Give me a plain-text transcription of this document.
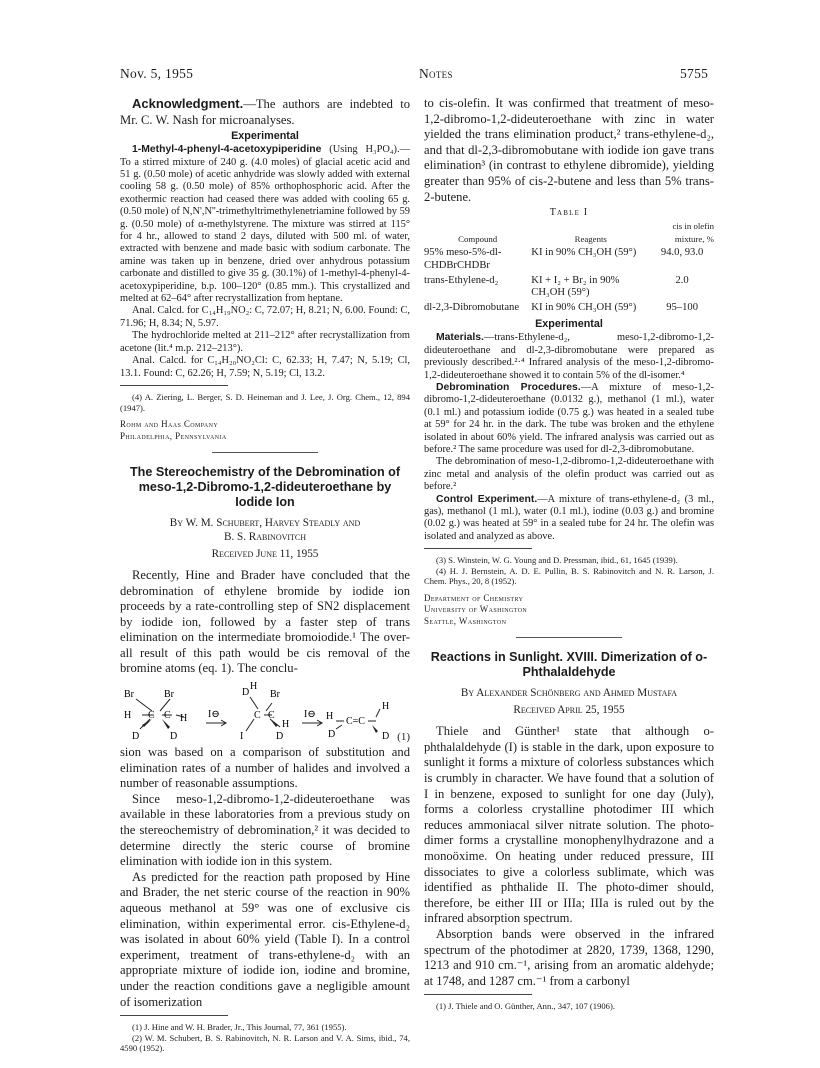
Nov. 5, 1955	Notes	5755

Acknowledgment.—The authors are indebted to Mr. C. W. Nash for microanalyses.

Experimental

1-Methyl-4-phenyl-4-acetoxypiperidine (Using H₃PO₄).— To a stirred mixture of 240 g. (4.0 moles) of glacial acetic acid and 51 g. (0.50 mole) of acetic anhydride was slowly added with external cooling 58 g. (0.50 mole) of 85% orthophosphoric acid. After the exothermic reaction had ceased there was added with cooling 65 g. (0.50 mole) of N,N',N''-trimethyltrimethylenetriamine followed by 59 g. (0.50 mole) of α-methylstyrene. The mixture was stirred at 115° for 4 hr., allowed to stand 2 days, diluted with 500 ml. of water, extracted with benzene and made basic with sodium carbonate. The amine was taken up in benzene, dried over anhydrous potassium carbonate and distilled to give 35 g. (30.1%) of 1-methyl-4-phenyl-4-acetoxypiperidine, b.p. 100–120° (0.85 mm.). This crystallized and melted at 62–64° after recrystallization from heptane.

Anal. Calcd. for C₁₄H₁₉NO₂: C, 72.07; H, 8.21; N, 6.00. Found: C, 71.96; H, 8.34; N, 5.97.

The hydrochloride melted at 211–212° after recrystallization from acetone (lit.⁴ m.p. 212–213°).

Anal. Calcd. for C₁₄H₂₀NO₂Cl: C, 62.33; H, 7.47; N, 5.19; Cl, 13.1. Found: C, 62.26; H, 7.59; N, 5.19; Cl, 13.2.

(4) A. Ziering, L. Berger, S. D. Heineman and J. Lee, J. Org. Chem., 12, 894 (1947).

Rohm and Haas Company

Philadelphia, Pennsylvania

The Stereochemistry of the Debromination of meso-1,2-Dibromo-1,2-dideuteroethane by Iodide Ion
By W. M. Schubert, Harvey Steadly and
B. S. Rabinovitch
Received June 11, 1955

Recently, Hine and Brader have concluded that the debromination of ethylene bromide by iodide ion proceeds by a rate-controlling step of SN2 displacement by iodide ion, followed by a faster step of trans elimination on the intermediate bromoiodide.¹ The over-all result of this path would be cis removal of the bromine atoms (eq. 1). The conclu-

Br	Br
H C C H
D	D
I⊖
D
H
Br
C C
H
I	D
I⊖ H C=C
H
D	D (1)

sion was based on a comparison of substitution and elimination rates of a number of halides and involved a number of reasonable assumptions.

Since meso-1,2-dibromo-1,2-dideuteroethane was available in these laboratories from a previous study on the stereochemistry of debromination,² it was decided to determine directly the steric course of bromine elimination with iodide ion in this system.

As predicted for the reaction path proposed by Hine and Brader, the net steric course of the reaction in 90% aqueous methanol at 59° was one of exclusive cis elimination, within experimental error. cis-Ethylene-d₂ was isolated in about 60% yield (Table I). In a control experiment, treatment of trans-ethylene-d₂ with an appropriate mixture of iodide ion, iodine and bromine, under the reaction conditions gave a negligible amount of isomerization

(1) J. Hine and W. H. Brader, Jr., This Journal, 77, 361 (1955).

(2) W. M. Schubert, B. S. Rabinovitch, N. R. Larson and V. A. Sims, ibid., 74, 4590 (1952).

to cis-olefin. It was confirmed that treatment of meso-1,2-dibromo-1,2-dideuteroethane with zinc in water yielded the trans elimination product,² trans-ethylene-d₂, and that dl-2,3-dibromobutane with iodide ion gave trans elimination³ (in contrast to ethylene dibromide), yielding greater than 95% of cis-2-butene and less than 5% trans-2-butene.

Table I
Compound	Reagents	cis in olefin mixture, %
95% meso-5%-dl-CHDBrCHDBr	KI in 90% CH₃OH (59°)	94.0, 93.0
trans-Ethylene-d₂	KI + I₂ + Br₂ in 90% CH₃OH (59°)	2.0
dl-2,3-Dibromobutane	KI in 90% CH₃OH (59°)	95–100
Experimental

Materials.—trans-Ethylene-d₂, meso-1,2-dibromo-1,2-dideuteroethane and dl-2,3-dibromobutane were prepared as previously described.²·⁴ Infrared analysis of the meso-1,2-dibromo-1,2-dideuteroethane showed it to contain 5% of the dl-isomer.⁴

Debromination Procedures.—A mixture of meso-1,2-dibromo-1,2-dideuteroethane (0.0132 g.), methanol (1 ml.), water (0.1 ml.) and potassium iodide (0.75 g.) was heated in a sealed tube at 59° for 24 hr. in the dark. The tube was broken and the ethylene isolated in about 60% yield. The infrared analysis was carried out as before.² The same procedure was used for dl-2,3-dibromobutane.

The debromination of meso-1,2-dibromo-1,2-dideuteroethane with zinc metal and analysis of the olefin product was carried out as before.²

Control Experiment.—A mixture of trans-ethylene-d₂ (3 ml., gas), methanol (1 ml.), water (0.1 ml.), iodine (0.03 g.) and bromine (0.02 g.) was heated at 59° in a sealed tube for 24 hr. The olefin was isolated and analyzed as above.

(3) S. Winstein, W. G. Young and D. Pressman, ibid., 61, 1645 (1939).

(4) H. J. Bernstein, A. D. E. Pullin, B. S. Rabinovitch and N. R. Larson, J. Chem. Phys., 20, 8 (1952).

Department of Chemistry

University of Washington

Seattle, Washington

Reactions in Sunlight. XVIII. Dimerization of o-Phthalaldehyde
By Alexander Schönberg and Ahmed Mustafa
Received April 25, 1955

Thiele and Günther¹ state that although o-phthalaldehyde (I) is stable in the dark, upon exposure to sunlight it forms a mixture of colorless substances which is crumbly in character. We have found that a solution of I in benzene, exposed to sunlight for one day (July), forms a colorless crystalline photodimer III which reduces ammoniacal silver nitrate solution. The photo-dimer forms a crystalline monophenylhydrazone and a monoöxime. On heating under reduced pressure, III dissociates to give a colorless sublimate, which was identified as phthalide II. The photo-dimer should, therefore, be either III or IIIa; IIIa is ruled out by the infrared absorption spectrum.

Absorption bands were observed in the infrared spectrum of the photodimer at 2820, 1739, 1368, 1290, 1213 and 910 cm.⁻¹, arising from an aromatic aldehyde; at 1748, and 1287 cm.⁻¹ from a carbonyl

(1) J. Thiele and O. Günther, Ann., 347, 107 (1906).
